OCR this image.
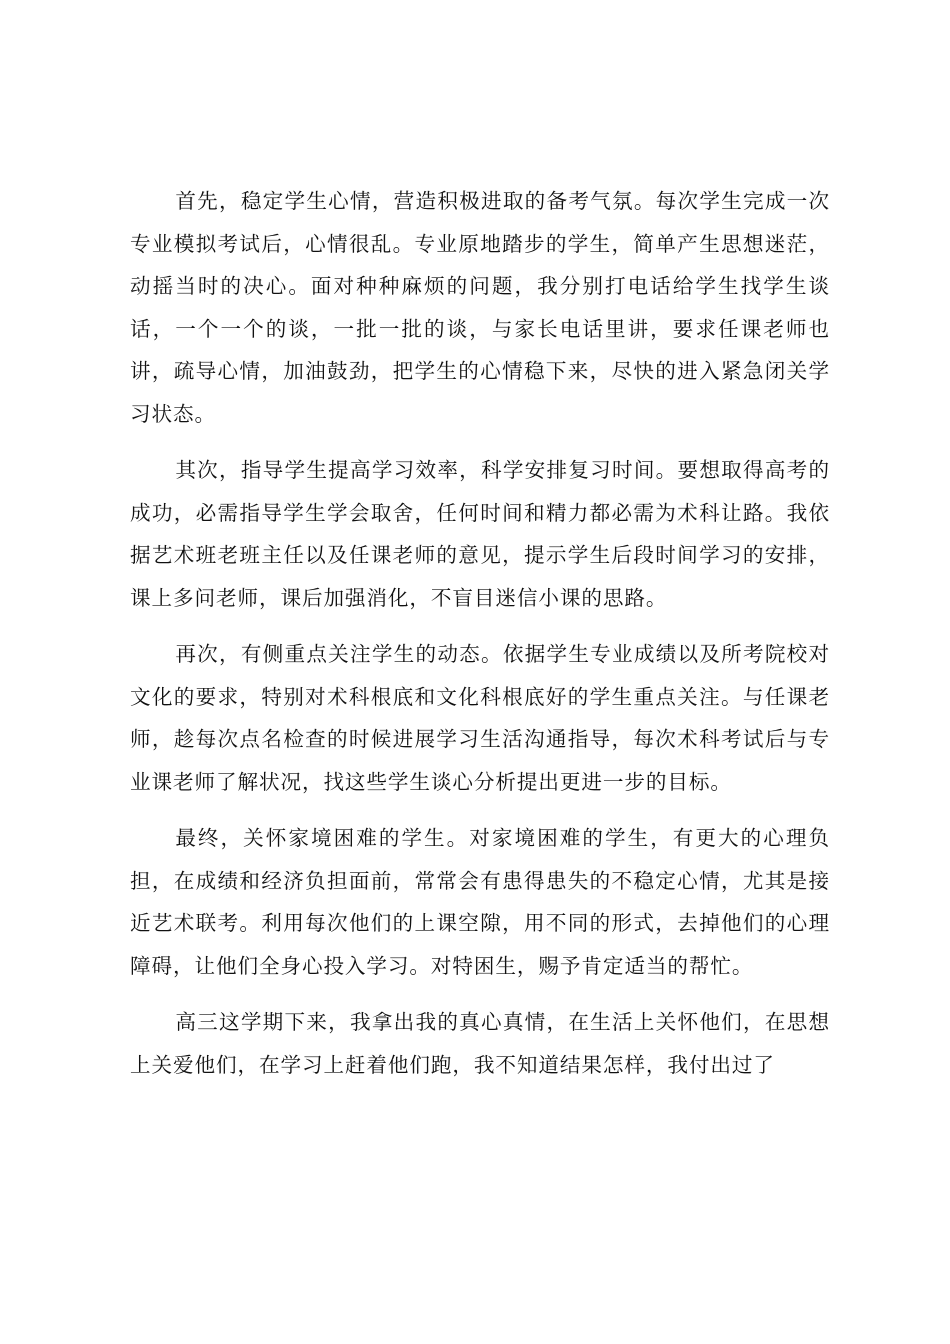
首先，稳定学生心情，营造积极进取的备考气氛。每次学生完成一次专业模拟考试后，心情很乱。专业原地踏步的学生，简单产生思想迷茫，动摇当时的决心。面对种种麻烦的问题，我分别打电话给学生找学生谈话，一个一个的谈，一批一批的谈，与家长电话里讲，要求任课老师也讲，疏导心情，加油鼓劲，把学生的心情稳下来，尽快的进入紧急闭关学习状态。

其次，指导学生提高学习效率，科学安排复习时间。要想取得高考的成功，必需指导学生学会取舍，任何时间和精力都必需为术科让路。我依据艺术班老班主任以及任课老师的意见，提示学生后段时间学习的安排，课上多问老师，课后加强消化，不盲目迷信小课的思路。

再次，有侧重点关注学生的动态。依据学生专业成绩以及所考院校对文化的要求，特别对术科根底和文化科根底好的学生重点关注。与任课老师，趁每次点名检查的时候进展学习生活沟通指导，每次术科考试后与专业课老师了解状况，找这些学生谈心分析提出更进一步的目标。

最终，关怀家境困难的学生。对家境困难的学生，有更大的心理负担，在成绩和经济负担面前，常常会有患得患失的不稳定心情，尤其是接近艺术联考。利用每次他们的上课空隙，用不同的形式，去掉他们的心理障碍，让他们全身心投入学习。对特困生，赐予肯定适当的帮忙。

高三这学期下来，我拿出我的真心真情，在生活上关怀他们，在思想上关爱他们，在学习上赶着他们跑，我不知道结果怎样，我付出过了
